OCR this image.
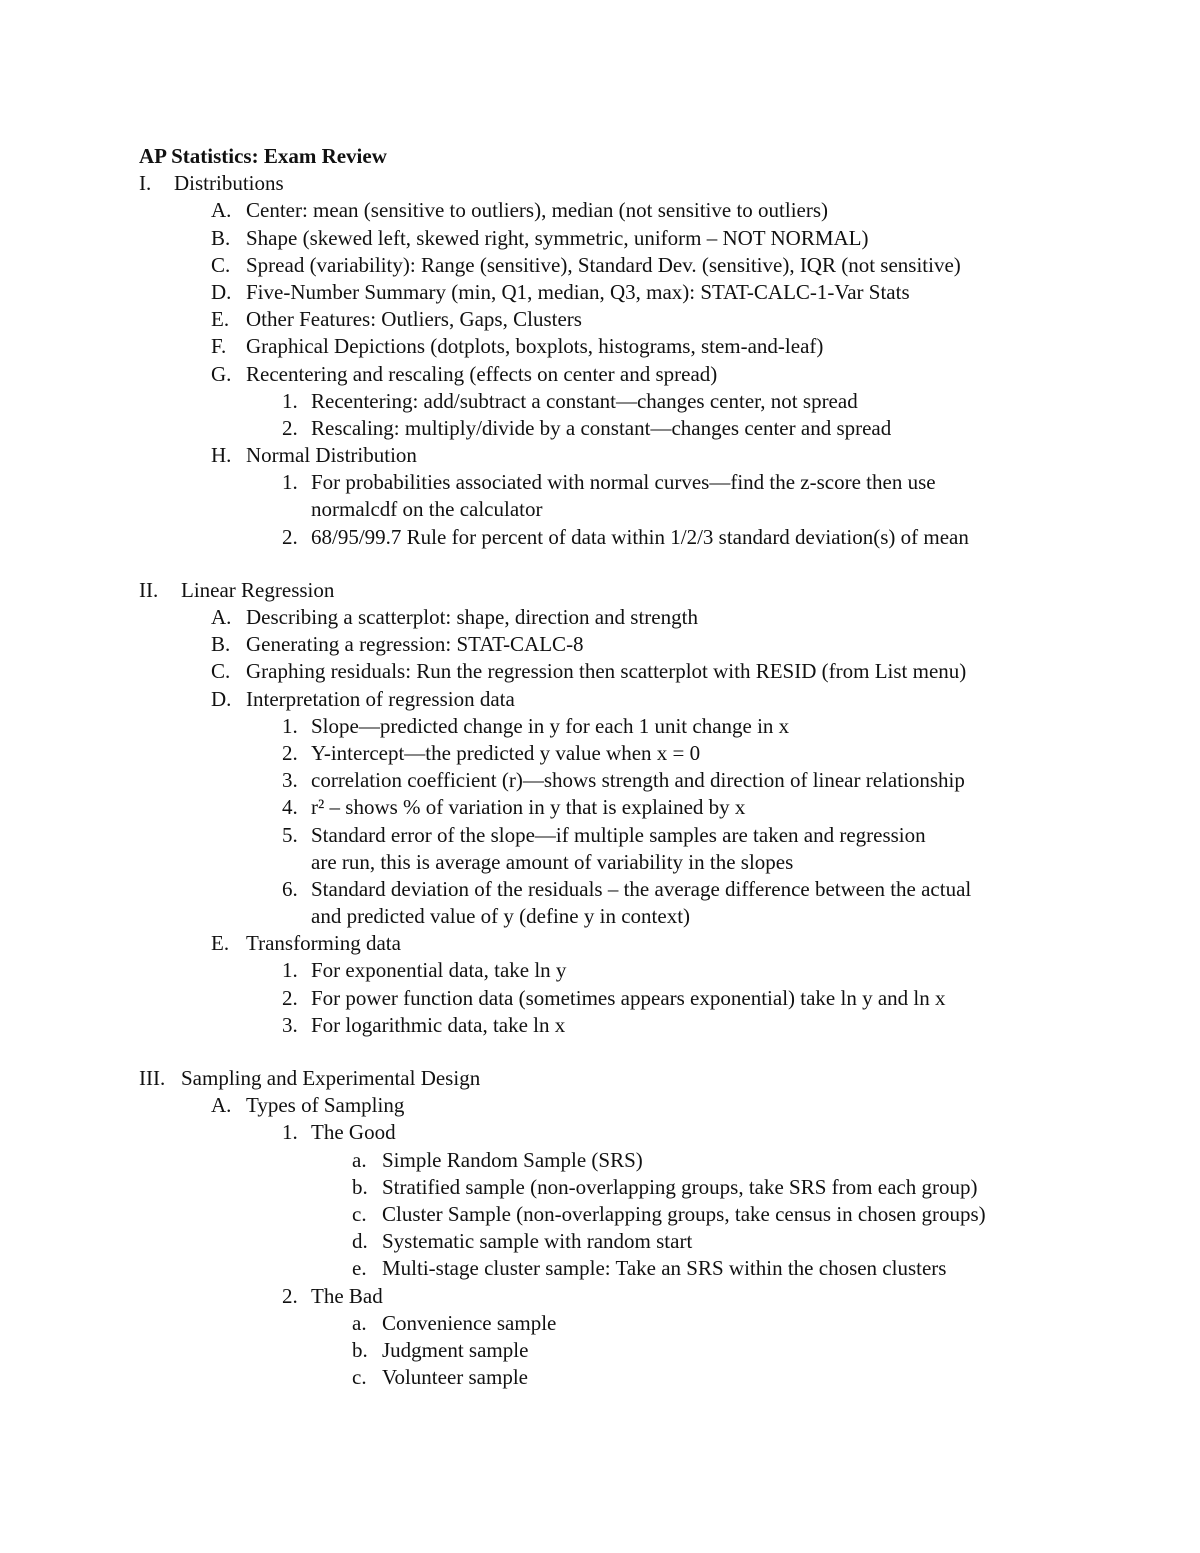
AP Statistics: Exam Review
I. Distributions
A. Center: mean (sensitive to outliers), median (not sensitive to outliers)
B. Shape (skewed left, skewed right, symmetric, uniform – NOT NORMAL)
C. Spread (variability): Range (sensitive), Standard Dev. (sensitive), IQR (not sensitive)
D. Five-Number Summary (min, Q1, median, Q3, max): STAT-CALC-1-Var Stats
E. Other Features: Outliers, Gaps, Clusters
F. Graphical Depictions (dotplots, boxplots, histograms, stem-and-leaf)
G. Recentering and rescaling (effects on center and spread)
1. Recentering: add/subtract a constant—changes center, not spread
2. Rescaling: multiply/divide by a constant—changes center and spread
H. Normal Distribution
1. For probabilities associated with normal curves—find the z-score then use
normalcdf on the calculator
2. 68/95/99.7 Rule for percent of data within 1/2/3 standard deviation(s) of mean
II. Linear Regression
A. Describing a scatterplot: shape, direction and strength
B. Generating a regression: STAT-CALC-8
C. Graphing residuals: Run the regression then scatterplot with RESID (from List menu)
D. Interpretation of regression data
1. Slope—predicted change in y for each 1 unit change in x
2. Y-intercept—the predicted y value when x = 0
3. correlation coefficient (r)—shows strength and direction of linear relationship
4. r² – shows % of variation in y that is explained by x
5. Standard error of the slope—if multiple samples are taken and regression
are run, this is average amount of variability in the slopes
6. Standard deviation of the residuals – the average difference between the actual
and predicted value of y (define y in context)
E. Transforming data
1. For exponential data, take ln y
2. For power function data (sometimes appears exponential) take ln y and ln x
3. For logarithmic data, take ln x
III. Sampling and Experimental Design
A. Types of Sampling
1. The Good
a. Simple Random Sample (SRS)
b. Stratified sample (non-overlapping groups, take SRS from each group)
c. Cluster Sample (non-overlapping groups, take census in chosen groups)
d. Systematic sample with random start
e. Multi-stage cluster sample: Take an SRS within the chosen clusters
2. The Bad
a. Convenience sample
b. Judgment sample
c. Volunteer sample
